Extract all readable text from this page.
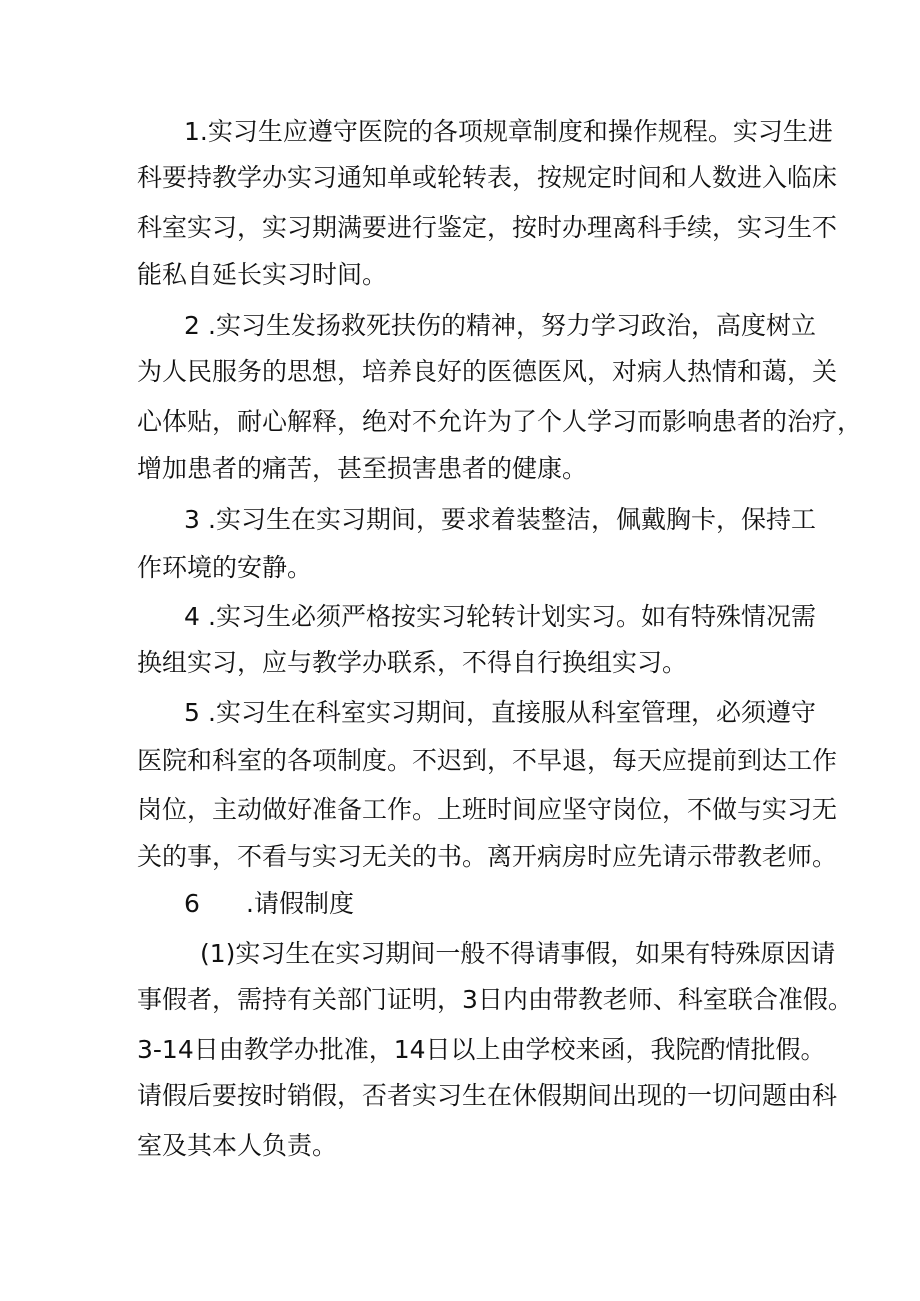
1.实习生应遵守医院的各项规章制度和操作规程。实习生进
科要持教学办实习通知单或轮转表，按规定时间和人数进入临床
科室实习，实习期满要进行鉴定，按时办理离科手续，实习生不
能私自延长实习时间。
2 .实习生发扬救死扶伤的精神，努力学习政治，高度树立
为人民服务的思想，培养良好的医德医风，对病人热情和蔼，关
心体贴，耐心解释，绝对不允许为了个人学习而影响患者的治疗，
增加患者的痛苦，甚至损害患者的健康。
3 .实习生在实习期间，要求着装整洁，佩戴胸卡，保持工
作环境的安静。
4 .实习生必须严格按实习轮转计划实习。如有特殊情况需
换组实习，应与教学办联系，不得自行换组实习。
5 .实习生在科室实习期间，直接服从科室管理，必须遵守
医院和科室的各项制度。不迟到，不早退，每天应提前到达工作
岗位，主动做好准备工作。上班时间应坚守岗位，不做与实习无
关的事，不看与实习无关的书。离开病房时应先请示带教老师。
6 .请假制度
(1)实习生在实习期间一般不得请事假，如果有特殊原因请
事假者，需持有关部门证明，3日内由带教老师、科室联合准假。
3-14日由教学办批准，14日以上由学校来函，我院酌情批假。
请假后要按时销假，否者实习生在休假期间出现的一切问题由科
室及其本人负责。
